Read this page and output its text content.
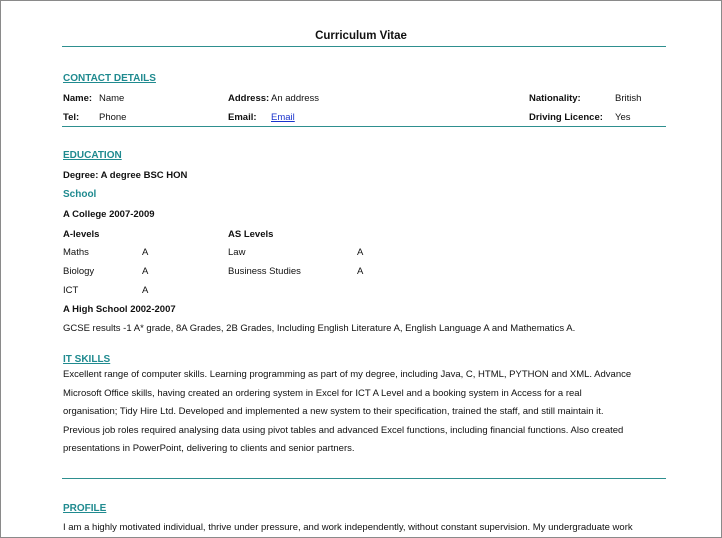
Curriculum Vitae
CONTACT DETAILS
Name: Name	Address: An address	Nationality:	British
Tel: Phone	Email: Email	Driving Licence: Yes
EDUCATION
Degree: A degree BSC HON
School
A College 2007-2009
A-levels	AS Levels
Maths	A	Law	A
Biology	A	Business Studies	A
ICT	A
A High School 2002-2007
GCSE results -1 A* grade, 8A Grades, 2B Grades, Including English Literature A, English Language A and Mathematics A.
IT SKILLS

Excellent range of computer skills. Learning programming as part of my degree, including Java, C, HTML, PYTHON and XML. Advance

Microsoft Office skills, having created an ordering system in Excel for ICT A Level and a booking system in Access for a real

organisation; Tidy Hire Ltd. Developed and implemented a new system to their specification, trained the staff, and still maintain it.

Previous job roles required analysing data using pivot tables and advanced Excel functions, including financial functions. Also created

presentations in PowerPoint, delivering to clients and senior partners.

PROFILE
I am a highly motivated individual, thrive under pressure, and work independently, without constant supervision. My undergraduate work
